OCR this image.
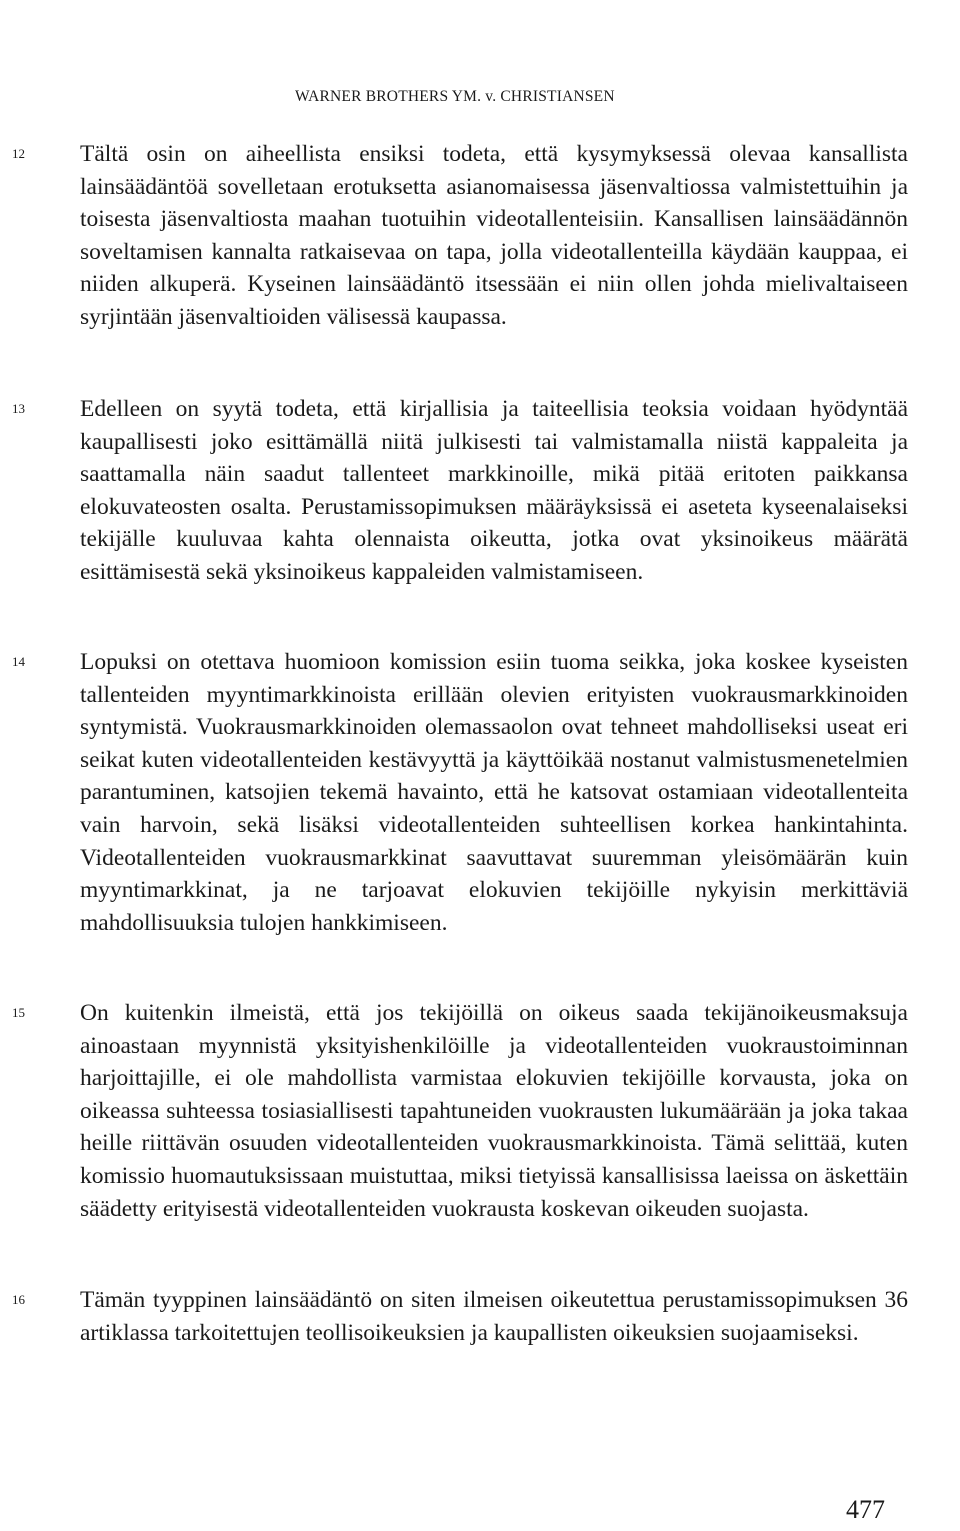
WARNER BROTHERS YM. v. CHRISTIANSEN
12	Tältä osin on aiheellista ensiksi todeta, että kysymyksessä olevaa kansallista lainsäädäntöä sovelletaan erotuksetta asianomaisessa jäsenvaltiossa valmistettuihin ja toisesta jäsenvaltiosta maahan tuotuihin videotallenteisiin. Kansallisen lainsäädännön soveltamisen kannalta ratkaisevaa on tapa, jolla videotallenteilla käydään kauppaa, ei niiden alkuperä. Kyseinen lainsäädäntö itsessään ei niin ollen johda mielivaltaiseen syrjintään jäsenvaltioiden välisessä kaupassa.
13	Edelleen on syytä todeta, että kirjallisia ja taiteellisia teoksia voidaan hyödyntää kaupallisesti joko esittämällä niitä julkisesti tai valmistamalla niistä kappaleita ja saattamalla näin saadut tallenteet markkinoille, mikä pitää eritoten paikkansa elokuvateosten osalta. Perustamissopimuksen määräyksissä ei aseteta kyseenalaiseksi tekijälle kuuluvaa kahta olennaista oikeutta, jotka ovat yksinoikeus määrätä esittämisestä sekä yksinoikeus kappaleiden valmistamiseen.
14	Lopuksi on otettava huomioon komission esiin tuoma seikka, joka koskee kyseisten tallenteiden myyntimarkkinoista erillään olevien erityisten vuokrausmarkkinoiden syntymistä. Vuokrausmarkkinoiden olemassaolon ovat tehneet mahdolliseksi useat eri seikat kuten videotallenteiden kestävyyttä ja käyttöikää nostanut valmistusmenetelmien parantuminen, katsojien tekemä havainto, että he katsovat ostamiaan videotallenteita vain harvoin, sekä lisäksi videotallenteiden suhteellisen korkea hankintahinta. Videotallenteiden vuokrausmarkkinat saavuttavat suuremman yleisömäärän kuin myyntimarkkinat, ja ne tarjoavat elokuvien tekijöille nykyisin merkittäviä mahdollisuuksia tulojen hankkimiseen.
15	On kuitenkin ilmeistä, että jos tekijöillä on oikeus saada tekijänoikeusmaksuja ainoastaan myynnistä yksityishenkilöille ja videotallenteiden vuokraustoiminnan harjoittajille, ei ole mahdollista varmistaa elokuvien tekijöille korvausta, joka on oikeassa suhteessa tosiasiallisesti tapahtuneiden vuokrausten lukumäärään ja joka takaa heille riittävän osuuden videotallenteiden vuokrausmarkkinoista. Tämä selittää, kuten komissio huomautuksissaan muistuttaa, miksi tietyissä kansallisissa laeissa on äskettäin säädetty erityisestä videotallenteiden vuokrausta koskevan oikeuden suojasta.
16	Tämän tyyppinen lainsäädäntö on siten ilmeisen oikeutettua perustamissopimuksen 36 artiklassa tarkoitettujen teollisoikeuksien ja kaupallisten oikeuksien suojaamiseksi.
477
